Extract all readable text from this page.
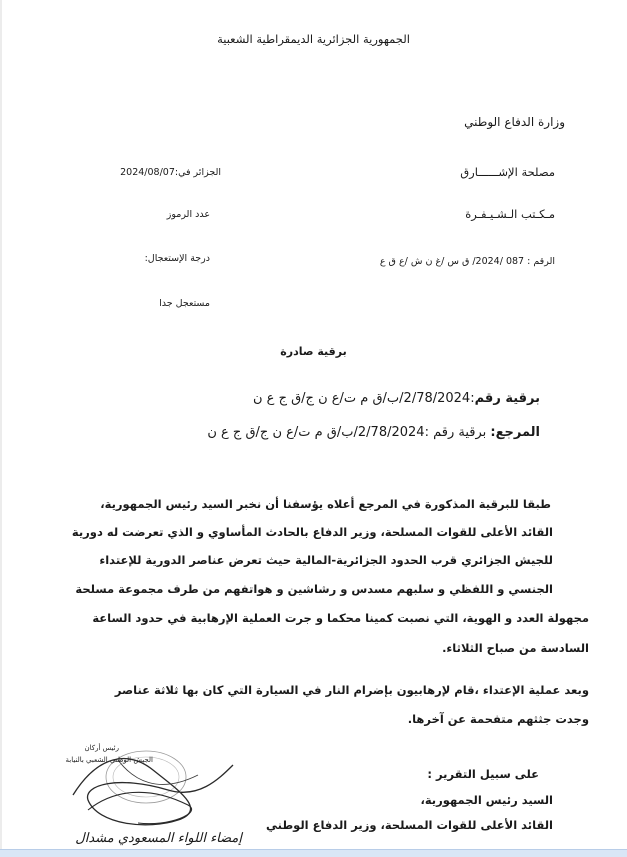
الجمهورية الجزائرية الديمقراطية الشعبية
وزارة الدفاع الوطني
مصلحة الإشــــــارق
مـكـتب الـشـيـفـرة
الرقم : 087 /2024/ ق س /غ ن ش /ع ق ع
الجزائر في:2024/08/07
عدد الرموز
درجة الإستعجال:
مستعجل جدا
برقية صادرة
برقية رقم:2/78/2024/ب/ق م ت/ع ن ج/ق ج ع ن
المرجع: برقية رقم :2/78/2024/ب/ق م ت/ع ن ج/ق ج ع ن
طبقا للبرقية المذكورة في المرجع أعلاه يؤسفنا أن نخبر السيد رئيس الجمهورية،
القائد الأعلى للقوات المسلحة، وزير الدفاع بالحادث المأساوي و الذي تعرضت له دورية
للجيش الجزائري قرب الحدود الجزائرية-المالية حيث تعرض عناصر الدورية للإعتداء
الجنسي و اللفظي و سلبهم مسدس و رشاشين و هواتفهم من طرف مجموعة مسلحة
مجهولة العدد و الهوية، التي نصبت كمينا محكما و جرت العملية الإرهابية في حدود الساعة
السادسة من صباح الثلاثاء.
وبعد عملية الإعتداء ،قام لإرهابيون بإضرام النار في السيارة التي كان بها ثلاثة عناصر
وجدت جثثهم متفحمة عن آخرها.
على سبيل التقرير :
السيد رئيس الجمهورية،
القائد الأعلى للقوات المسلحة، وزير الدفاع الوطني
رئيس أركان
الجيش الوطني الشعبي بالنيابة
إمضاء اللواء المسعودي مشدال
